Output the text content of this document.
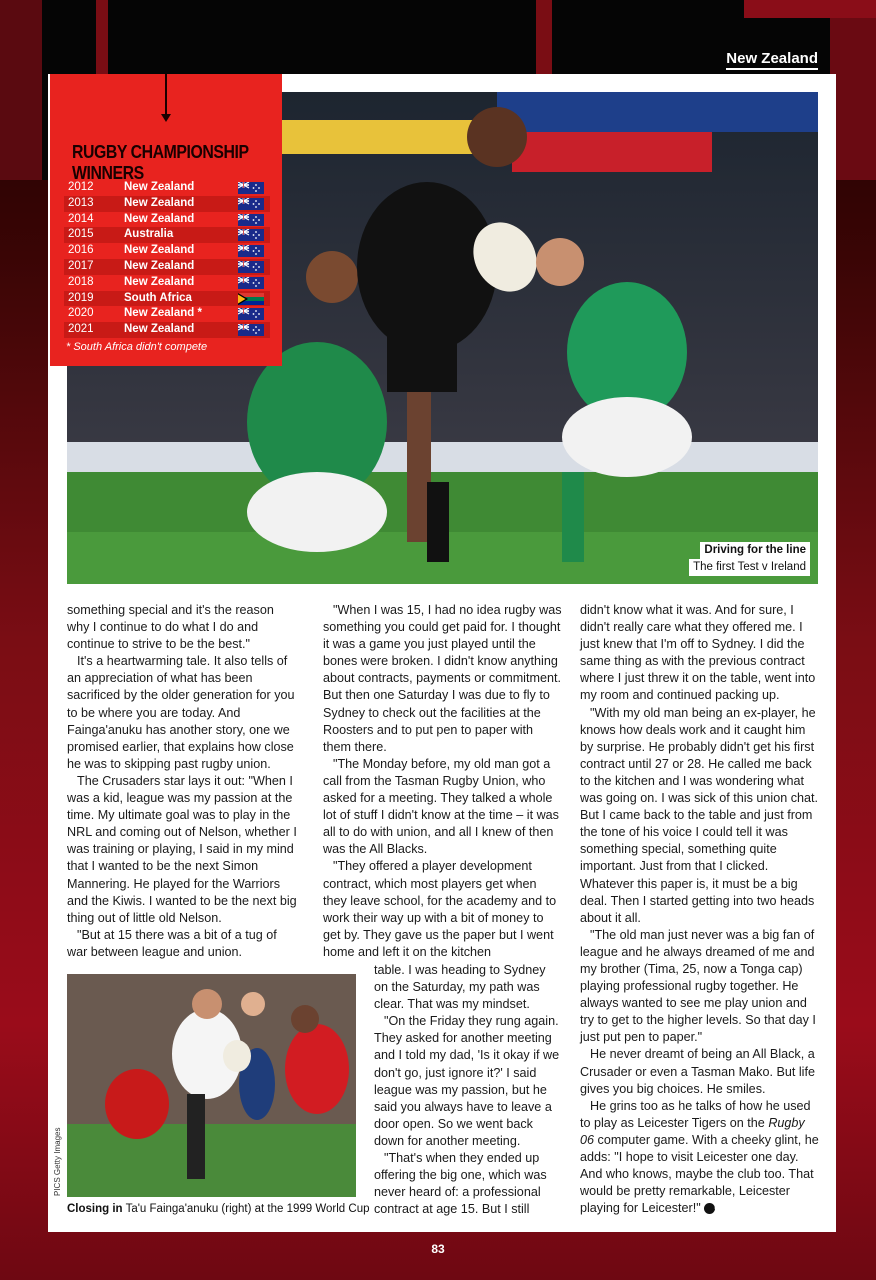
New Zealand
RUGBY CHAMPIONSHIP WINNERS
2012	New Zealand
2013	New Zealand
2014	New Zealand
2015	Australia
2016	New Zealand
2017	New Zealand
2018	New Zealand
2019	South Africa
2020	New Zealand *
2021	New Zealand
* South Africa didn't compete
Driving for the line
The first Test v Ireland

something special and it's the reason why I continue to do what I do and continue to strive to be the best."

It's a heartwarming tale. It also tells of an appreciation of what has been sacrificed by the older generation for you to be where you are today. And Fainga'anuku has another story, one we promised earlier, that explains how close he was to skipping past rugby union.

The Crusaders star lays it out: "When I was a kid, league was my passion at the time. My ultimate goal was to play in the NRL and coming out of Nelson, whether I was training or playing, I said in my mind that I wanted to be the next Simon Mannering. He played for the Warriors and the Kiwis. I wanted to be the next big thing out of little old Nelson.

"But at 15 there was a bit of a tug of war between league and union.

"When I was 15, I had no idea rugby was something you could get paid for. I thought it was a game you just played until the bones were broken. I didn't know anything about contracts, payments or commitment. But then one Saturday I was due to fly to Sydney to check out the facilities at the Roosters and to put pen to paper with them there.

"The Monday before, my old man got a call from the Tasman Rugby Union, who asked for a meeting. They talked a whole lot of stuff I didn't know at the time – it was all to do with union, and all I knew of then was the All Blacks.

"They offered a player development contract, which most players get when they leave school, for the academy and to work their way up with a bit of money to get by. They gave us the paper but I went home and left it on the kitchen

table. I was heading to Sydney on the Saturday, my path was clear. That was my mindset.

"On the Friday they rung again. They asked for another meeting and I told my dad, 'Is it okay if we don't go, just ignore it?' I said league was my passion, but he said you always have to leave a door open. So we went back down for another meeting.

"That's when they ended up offering the big one, which was never heard of: a professional contract at age 15. But I still

didn't know what it was. And for sure, I didn't really care what they offered me. I just knew that I'm off to Sydney. I did the same thing as with the previous contract where I just threw it on the table, went into my room and continued packing up.

"With my old man being an ex-player, he knows how deals work and it caught him by surprise. He probably didn't get his first contract until 27 or 28. He called me back to the kitchen and I was wondering what was going on. I was sick of this union chat. But I came back to the table and just from the tone of his voice I could tell it was something special, something quite important. Just from that I clicked. Whatever this paper is, it must be a big deal. Then I started getting into two heads about it all.

"The old man just never was a big fan of league and he always dreamed of me and my brother (Tima, 25, now a Tonga cap) playing professional rugby together. He always wanted to see me play union and try to get to the higher levels. So that day I just put pen to paper."

He never dreamt of being an All Black, a Crusader or even a Tasman Mako. But life gives you big choices. He smiles.

He grins too as he talks of how he used to play as Leicester Tigers on the Rugby 06 computer game. With a cheeky glint, he adds: "I hope to visit Leicester one day. And who knows, maybe the club too. That would be pretty remarkable, Leicester playing for Leicester!" RW

PICS Getty Images
Closing in Ta'u Fainga'anuku (right) at the 1999 World Cup
83
